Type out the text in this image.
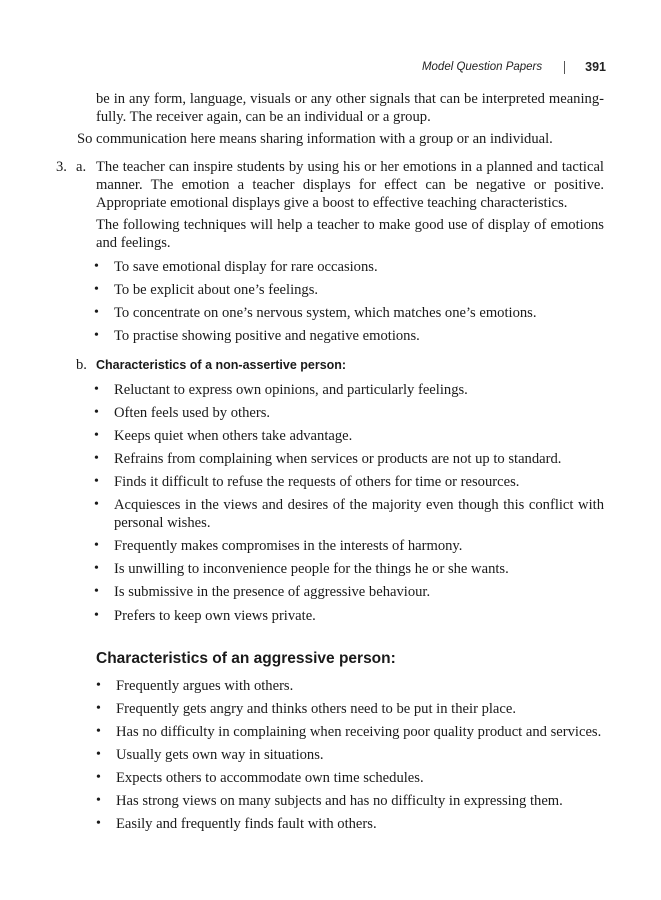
Model Question Papers	391
be in any form, language, visuals or any other signals that can be interpreted meaning-fully. The receiver again, can be an individual or a group.
So communication here means sharing information with a group or an individual.
3. a. The teacher can inspire students by using his or her emotions in a planned and tactical manner. The emotion a teacher displays for effect can be negative or positive. Appropriate emotional displays give a boost to effective teaching characteristics.
The following techniques will help a teacher to make good use of display of emotions and feelings.
• To save emotional display for rare occasions.
• To be explicit about one’s feelings.
• To concentrate on one’s nervous system, which matches one’s emotions.
• To practise showing positive and negative emotions.
b. Characteristics of a non-assertive person:
• Reluctant to express own opinions, and particularly feelings.
• Often feels used by others.
• Keeps quiet when others take advantage.
• Refrains from complaining when services or products are not up to standard.
• Finds it difficult to refuse the requests of others for time or resources.
• Acquiesces in the views and desires of the majority even though this conflict with personal wishes.
• Frequently makes compromises in the interests of harmony.
• Is unwilling to inconvenience people for the things he or she wants.
• Is submissive in the presence of aggressive behaviour.
• Prefers to keep own views private.
Characteristics of an aggressive person:
• Frequently argues with others.
• Frequently gets angry and thinks others need to be put in their place.
• Has no difficulty in complaining when receiving poor quality product and services.
• Usually gets own way in situations.
• Expects others to accommodate own time schedules.
• Has strong views on many subjects and has no difficulty in expressing them.
• Easily and frequently finds fault with others.
